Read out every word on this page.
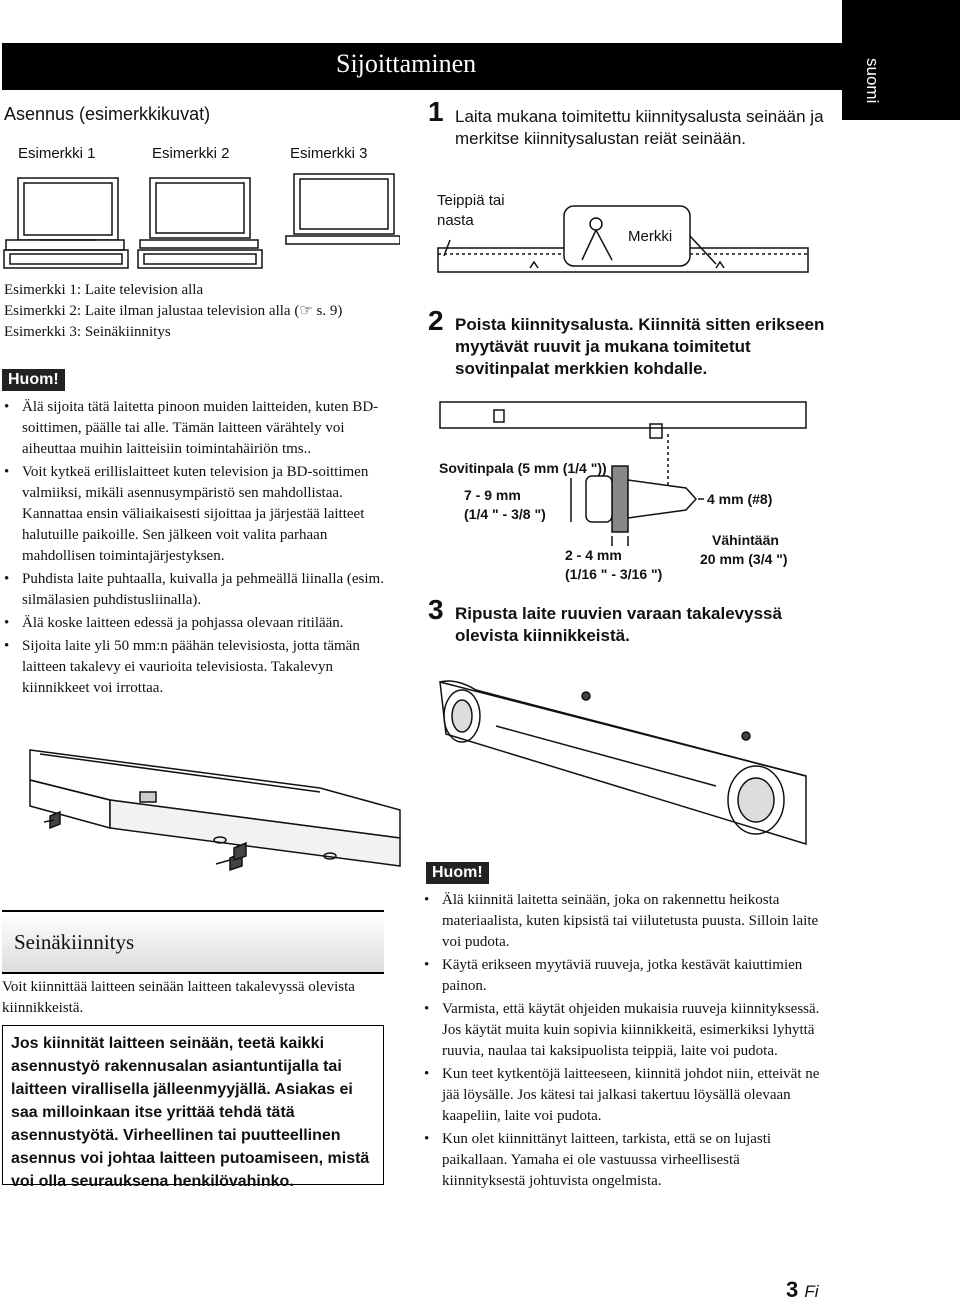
Sijoittaminen	suomi
Asennus (esimerkkikuvat)
Esimerkki 1	Esimerkki 2	Esimerkki 3
Esimerkki 1: Laite television alla
Esimerkki 2: Laite ilman jalustaa television alla (☞ s. 9)
Esimerkki 3: Seinäkiinnitys
Huom!
• Älä sijoita tätä laitetta pinoon muiden laitteiden, kuten BD-soittimen, päälle tai alle. Tämän laitteen värähtely voi aiheuttaa muihin laitteisiin toimintahäiriön tms..
• Voit kytkeä erillislaitteet kuten television ja BD-soittimen valmiiksi, mikäli asennusympäristö sen mahdollistaa. Kannattaa ensin väliaikaisesti sijoittaa ja järjestää laitteet halutuille paikoille. Sen jälkeen voit valita parhaan mahdollisen toimintajärjestyksen.
• Puhdista laite puhtaalla, kuivalla ja pehmeällä liinalla (esim. silmälasien puhdistusliinalla).
• Älä koske laitteen edessä ja pohjassa olevaan ritilään.
• Sijoita laite yli 50 mm:n päähän televisiosta, jotta tämän laitteen takalevy ei vaurioita televisiosta. Takalevyn kiinnikkeet voi irrottaa.
Seinäkiinnitys
Voit kiinnittää laitteen seinään laitteen takalevyssä olevista kiinnikkeistä.
Jos kiinnität laitteen seinään, teetä kaikki asennustyö rakennusalan asiantuntijalla tai laitteen virallisella jälleenmyyjällä. Asiakas ei saa milloinkaan itse yrittää tehdä tätä asennustyötä. Virheellinen tai puutteellinen asennus voi johtaa laitteen putoamiseen, mistä voi olla seurauksena henkilövahinko.
1 Laita mukana toimitettu kiinnitysalusta seinään ja merkitse kiinnitysalustan reiät seinään.
Teippiä tai nasta
Merkki
2 Poista kiinnitysalusta. Kiinnitä sitten erikseen myytävät ruuvit ja mukana toimitetut sovitinpalat merkkien kohdalle.
Sovitinpala (5 mm (1/4 "))
7 - 9 mm
(1/4 " - 3/8 ")
4 mm (#8)
Vähintään
20 mm (3/4 ")
2 - 4 mm
(1/16 " - 3/16 ")
3 Ripusta laite ruuvien varaan takalevyssä olevista kiinnikkeistä.
Huom!
• Älä kiinnitä laitetta seinään, joka on rakennettu heikosta materiaalista, kuten kipsistä tai viilutetusta puusta. Silloin laite voi pudota.
• Käytä erikseen myytäviä ruuveja, jotka kestävät kaiuttimien painon.
• Varmista, että käytät ohjeiden mukaisia ruuveja kiinnityksessä. Jos käytät muita kuin sopivia kiinnikkeitä, esimerkiksi lyhyttä ruuvia, naulaa tai kaksipuolista teippiä, laite voi pudota.
• Kun teet kytkentöjä laitteeseen, kiinnitä johdot niin, etteivät ne jää löysälle. Jos kätesi tai jalkasi takertuu löysällä olevaan kaapeliin, laite voi pudota.
• Kun olet kiinnittänyt laitteen, tarkista, että se on lujasti paikallaan. Yamaha ei ole vastuussa virheellisestä kiinnityksestä johtuvista ongelmista.
3 Fi
